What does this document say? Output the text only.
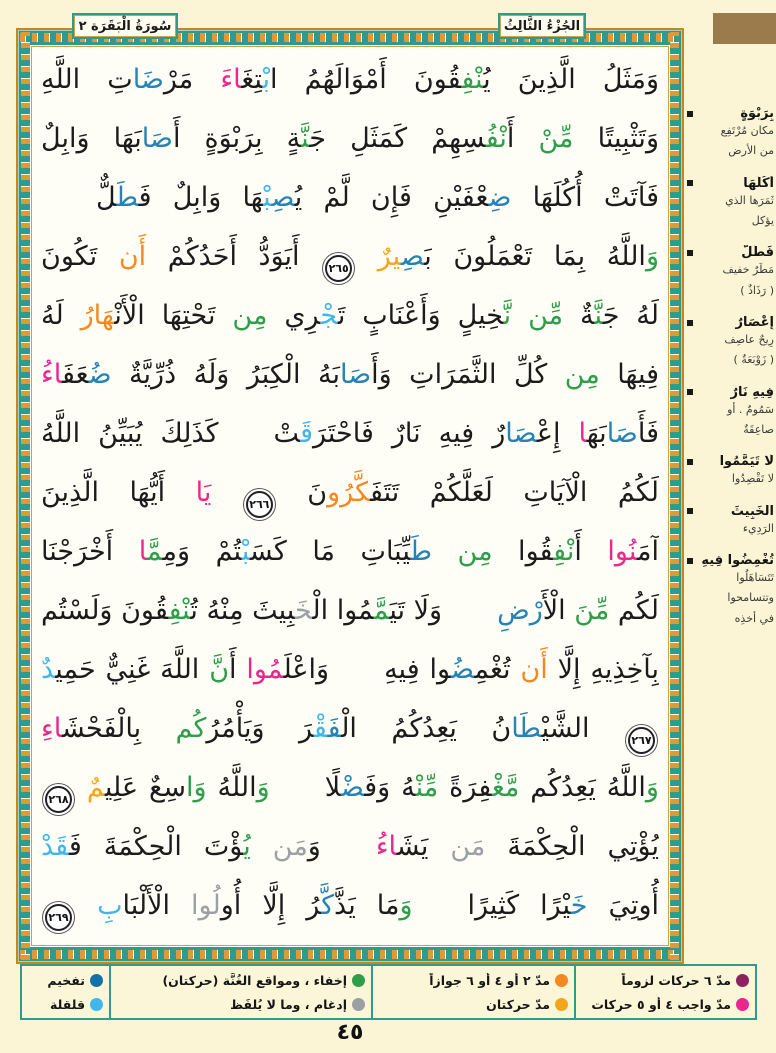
وَمَثَلُ الَّذِينَ يُنْفِقُونَ أَمْوَالَهُمُ ابْتِغَاءَ مَرْضَاتِ اللَّهِ
وَتَثْبِيتًا مِّنْ أَنْفُسِهِمْ كَمَثَلِ جَنَّةٍ بِرَبْوَةٍ أَصَابَهَا وَابِلٌ
فَآتَتْ أُكُلَهَا ضِعْفَيْنِ فَإِن لَّمْ يُصِبْهَا وَابِلٌ فَطَلٌّ
وَاللَّهُ بِمَا تَعْمَلُونَ بَصِيرٌ ٢٦٥ أَيَوَدُّ أَحَدُكُمْ أَن تَكُونَ
لَهُ جَنَّةٌ مِّن نَّخِيلٍ وَأَعْنَابٍ تَجْرِي مِن تَحْتِهَا الْأَنْهَارُ لَهُ
فِيهَا مِن كُلِّ الثَّمَرَاتِ وَأَصَابَهُ الْكِبَرُ وَلَهُ ذُرِّيَّةٌ ضُعَفَاءُ
فَأَصَابَهَا إِعْصَارٌ فِيهِ نَارٌ فَاحْتَرَقَتْكَذَلِكَ يُبَيِّنُ اللَّهُ
لَكُمُ الْآيَاتِ لَعَلَّكُمْ تَتَفَكَّرُونَ ٢٦٦ يَا أَيُّهَا الَّذِينَ
آمَنُوا أَنْفِقُوا مِن طَيِّبَاتِ مَا كَسَبْتُمْ وَمِمَّا أَخْرَجْنَا
لَكُم مِّنَ الْأَرْضِوَلَا تَيَمَّمُوا الْخَبِيثَ مِنْهُ تُنْفِقُونَ وَلَسْتُم
بِآخِذِيهِ إِلَّ أَن تُغْمِضُوا فِيهِوَاعْلَمُوا أَنَّ اللَّهَ غَنِيٌّ حَمِيدٌ
٢٦٧ الشَّيْطَانُ يَعِدُكُمُ الْفَقْرَ وَيَأْمُرُكُم بِالْفَحْشَاءِ
وَاللَّهُ يَعِدُكُم مَّغْفِرَةً مِّنْهُ وَفَضْلًاوَاللَّهُ وَاسِعٌ عَلِيمٌ ٢٦٨
يُؤْتِي الْحِكْمَةَ مَن يَشَاءُوَمَن يُؤْتَ الْحِكْمَةَ فَقَدْ
أُوتِيَ خَيْرًا كَثِيرًاوَمَا يَذَّكَّرُ إِلَّ أُولُوا الْأَلْبَابِ ٢٦٩
سُورَةُ الْبَقَرَة ٢	الجُزْءُ الثَّالِثُ
بِرَبْوَةٍ
مكان مُرْتَفِع
من الأرض
أُكُلَهَا
ثَمَرَها الذي
يؤكل
فَطَلٌّ
مَطَرٌ خفيف
( رَذَاذٌ )
إِعْصَارٌ
رِيحٌ عاصِف
( زَوْبَعَةٌ )
فِيهِ نَارٌ
سَمُومٌ . أو
صاعِقَةٌ
لَا تَيَمَّمُوا
لا تَقْصِدُوا
الْخَبِيثَ
الرَدِيء
تُغْمِضُوا فِيهِ
تَتَسَاهَلُوا
وتتسامحوا
في أخذِه
مدّ ٦ حركات لزوماً
مدّ واجب ٤ أو ٥ حركات
مدّ ٢ أو ٤ أو ٦ جوازاً
مدّ حركتان
إخفاء ، ومواقع الغُنَّة (حركتان)
إدغام ، وما لا يُلفَظ
تفخيم
قلقلة
٤٥
